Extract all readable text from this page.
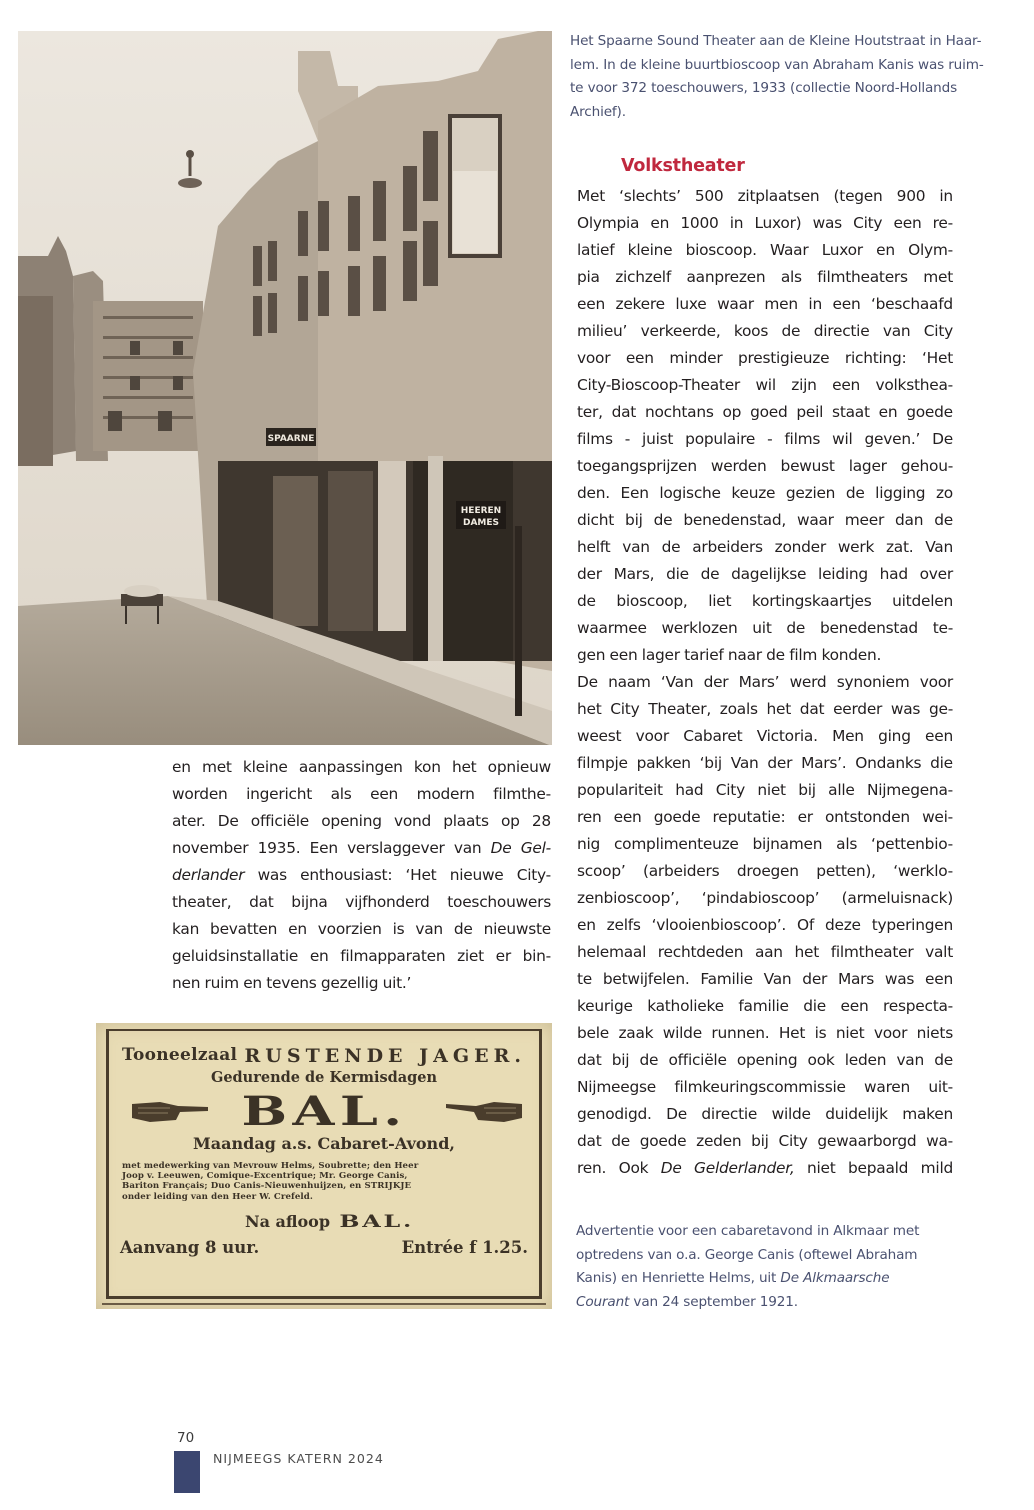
SPAARNE
HEEREN
DAMES
Het Spaarne Sound Theater aan de Kleine Houtstraat in Haar-
lem. In de kleine buurtbioscoop van Abraham Kanis was ruim-
te voor 372 toeschouwers, 1933 (collectie Noord-Hollands
Archief).
Volkstheater
Met ‘slechts’ 500 zitplaatsen (tegen 900 in
Olympia en 1000 in Luxor) was City een re-
latief kleine bioscoop. Waar Luxor en Olym-
pia zichzelf aanprezen als filmtheaters met
een zekere luxe waar men in een ‘beschaafd
milieu’ verkeerde, koos de directie van City
voor een minder prestigieuze richting: ‘Het
City-Bioscoop-Theater wil zijn een volksthea-
ter, dat nochtans op goed peil staat en goede
films - juist populaire - films wil geven.’ De
toegangsprijzen werden bewust lager gehou-
den. Een logische keuze gezien de ligging zo
dicht bij de benedenstad, waar meer dan de
helft van de arbeiders zonder werk zat. Van
der Mars, die de dagelijkse leiding had over
de bioscoop, liet kortingskaartjes uitdelen
waarmee werklozen uit de benedenstad te-
gen een lager tarief naar de film konden.
De naam ‘Van der Mars’ werd synoniem voor
het City Theater, zoals het dat eerder was ge-
weest voor Cabaret Victoria. Men ging een
filmpje pakken ‘bij Van der Mars’. Ondanks die
populariteit had City niet bij alle Nijmegena-
ren een goede reputatie: er ontstonden wei-
nig complimenteuze bijnamen als ‘pettenbio-
scoop’ (arbeiders droegen petten), ‘werklo-
zenbioscoop’, ‘pindabioscoop’ (armeluisnack)
en zelfs ‘vlooienbioscoop’. Of deze typeringen
helemaal rechtdeden aan het filmtheater valt
te betwijfelen. Familie Van der Mars was een
keurige katholieke familie die een respecta-
bele zaak wilde runnen. Het is niet voor niets
dat bij de officiële opening ook leden van de
Nijmeegse filmkeuringscommissie waren uit-
genodigd. De directie wilde duidelijk maken
dat de goede zeden bij City gewaarborgd wa-
ren. Ook De Gelderlander, niet bepaald mild
en met kleine aanpassingen kon het opnieuw
worden ingericht als een modern filmthe-
ater. De officiële opening vond plaats op 28
november 1935. Een verslaggever van De Gel-
derlander was enthousiast: ‘Het nieuwe City-
theater, dat bijna vijfhonderd toeschouwers
kan bevatten en voorzien is van de nieuwste
geluidsinstallatie en filmapparaten ziet er bin-
nen ruim en tevens gezellig uit.’
Tooneelzaal RUSTENDE JAGER.
Gedurende de Kermisdagen
BAL.
Maandag a.s. Cabaret-Avond,
met medewerking van Mevrouw Helms, Soubrette; den Heer
Joop v. Leeuwen, Comique-Excentrique; Mr. George Canis,
Bariton Français; Duo Canis-Nieuwenhuijzen, en STRIJKJE
onder leiding van den Heer W. Crefeld.
Na afloop BAL.
Aanvang 8 uur.	Entrée f 1.25.
Advertentie voor een cabaretavond in Alkmaar met
optredens van o.a. George Canis (oftewel Abraham
Kanis) en Henriette Helms, uit De Alkmaarsche
Courant van 24 september 1921.
70
NIJMEEGS KATERN 2024
